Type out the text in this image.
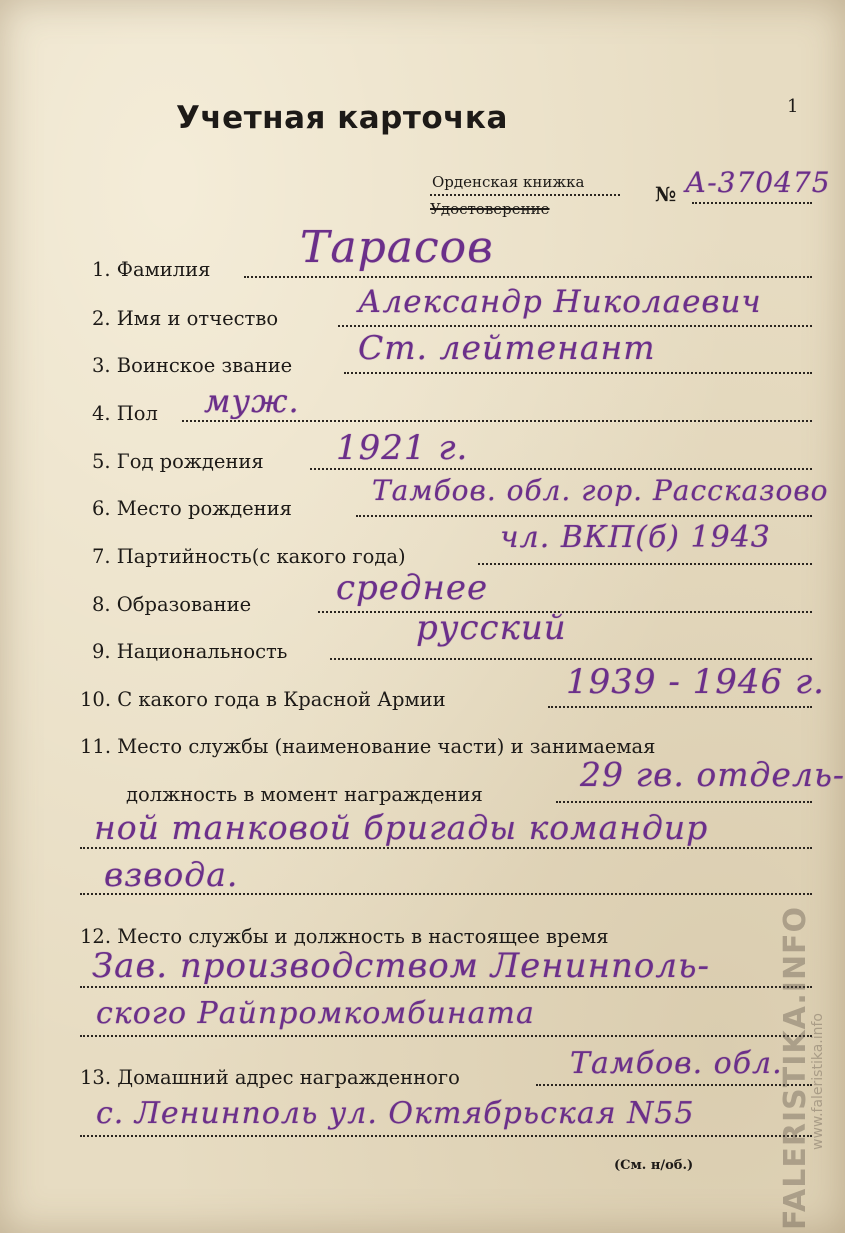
Учетная карточка	1
Орденская книжка
Удостоверение
№ А-370475
1. Фамилия Тарасов
2. Имя и отчество	Александр Николаевич
3. Воинское звание Ст. лейтенант
4. Пол муж.
5. Год рождения 1921 г.
6. Место рождения
Тамбов. обл. гор. Рассказово
7. Партийность(с какого года)
чл. ВКП(б) 1943
8. Образование среднее
9. Национальность
русский
10. С какого года в Красной Армии	1939 - 1946 г.
11. Место службы (наименование части) и занимаемая
должность в момент награждения
29 гв. отдель-
ной танковой бригады командир
взвода.
12. Место службы и должность в настоящее время
Зав. производством Ленинполь-
ского Райпромкомбината
13. Домашний адрес награжденного	Тамбов. обл.
с. Ленинполь ул. Октябрьская N55
(См. н/об.)	FALERISTIKA.INFO
www.faleristika.info
